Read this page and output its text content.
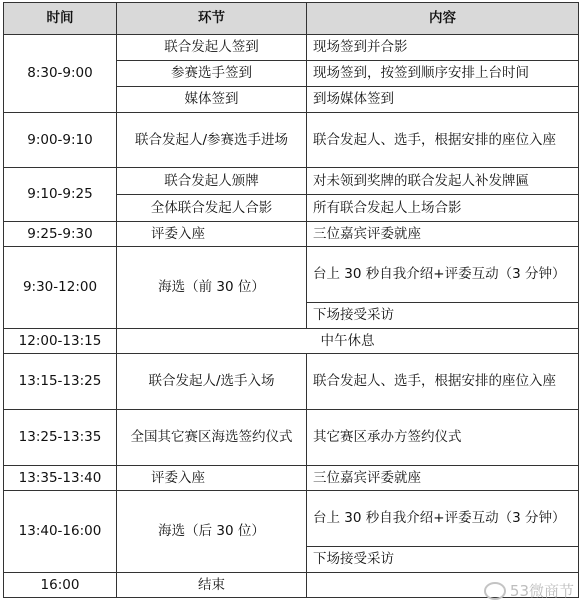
时间	环节	内容
8:30-9:00	联合发起人签到	现场签到并合影
	参赛选手签到	现场签到，按签到顺序安排上台时间
	媒体签到	到场媒体签到
9:00-9:10	联合发起人/参赛选手进场	联合发起人、选手，根据安排的座位入座
9:10-9:25	联合发起人颁牌	对未领到奖牌的联合发起人补发牌匾
	全体联合发起人合影	所有联合发起人上场合影
9:25-9:30	评委入座	三位嘉宾评委就座
9:30-12:00	海选（前 30 位）	台上 30 秒自我介绍+评委互动（3 分钟）
		下场接受采访
12:00-13:15	中午休息	
13:15-13:25	联合发起人/选手入场	联合发起人、选手，根据安排的座位入座
13:25-13:35	全国其它赛区海选签约仪式	其它赛区承办方签约仪式
13:35-13:40	评委入座	三位嘉宾评委就座
13:40-16:00	海选（后 30 位）	台上 30 秒自我介绍+评委互动（3 分钟）
		下场接受采访
16:00	结束		53微商节
